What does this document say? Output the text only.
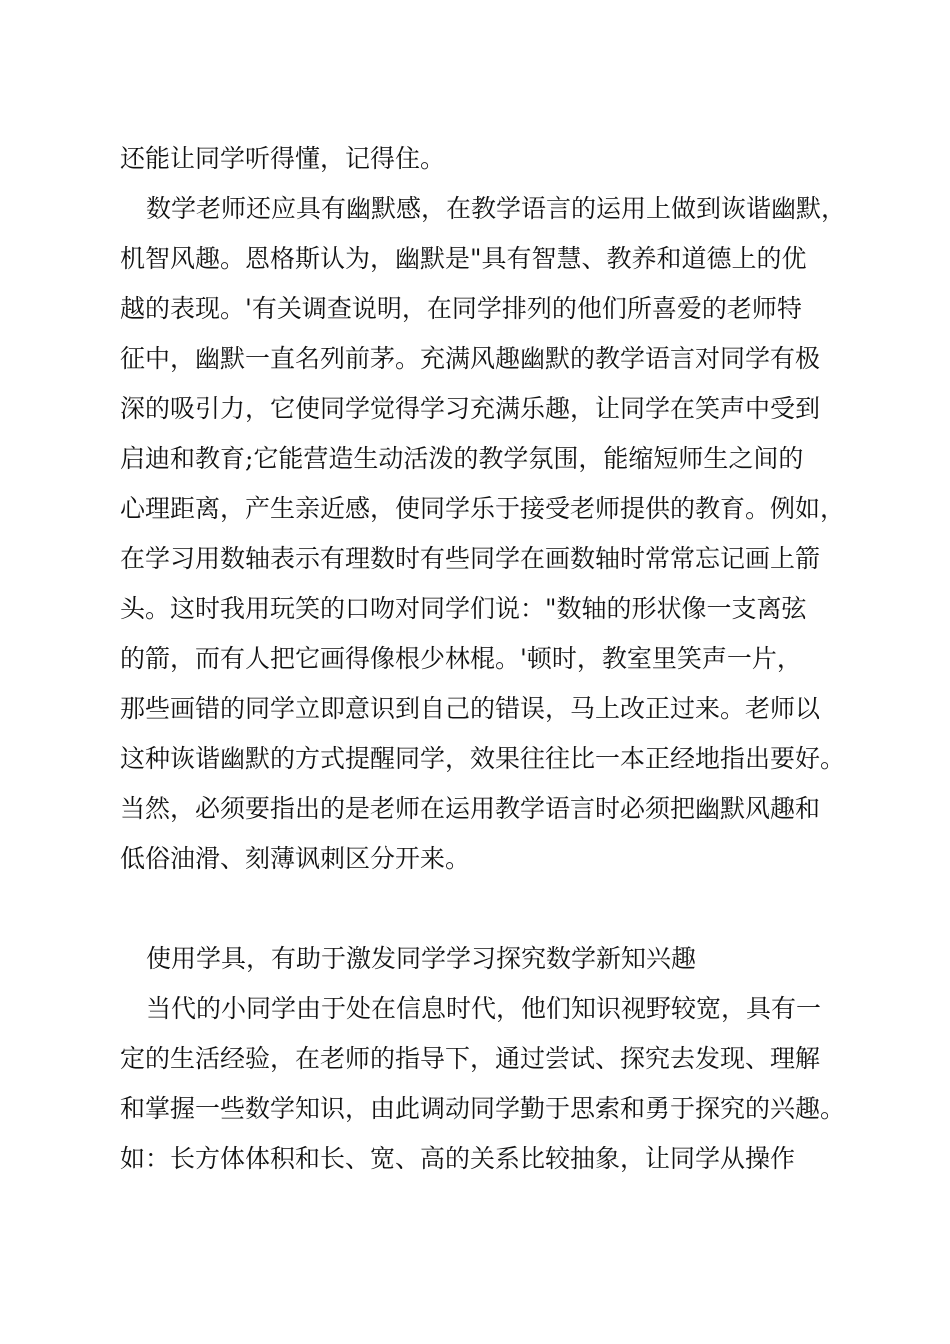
还能让同学听得懂，记得住。
数学老师还应具有幽默感，在教学语言的运用上做到诙谐幽默，
机智风趣。恩格斯认为，幽默是"具有智慧、教养和道德上的优
越的表现。'有关调查说明，在同学排列的他们所喜爱的老师特
征中，幽默一直名列前茅。充满风趣幽默的教学语言对同学有极
深的吸引力，它使同学觉得学习充满乐趣，让同学在笑声中受到
启迪和教育;它能营造生动活泼的教学氛围，能缩短师生之间的
心理距离，产生亲近感，使同学乐于接受老师提供的教育。例如，
在学习用数轴表示有理数时有些同学在画数轴时常常忘记画上箭
头。这时我用玩笑的口吻对同学们说："数轴的形状像一支离弦
的箭，而有人把它画得像根少林棍。'顿时，教室里笑声一片，
那些画错的同学立即意识到自己的错误，马上改正过来。老师以
这种诙谐幽默的方式提醒同学，效果往往比一本正经地指出要好。
当然，必须要指出的是老师在运用教学语言时必须把幽默风趣和
低俗油滑、刻薄讽刺区分开来。
使用学具，有助于激发同学学习探究数学新知兴趣
当代的小同学由于处在信息时代，他们知识视野较宽，具有一
定的生活经验，在老师的指导下，通过尝试、探究去发现、理解
和掌握一些数学知识，由此调动同学勤于思索和勇于探究的兴趣。
如：长方体体积和长、宽、高的关系比较抽象，让同学从操作
